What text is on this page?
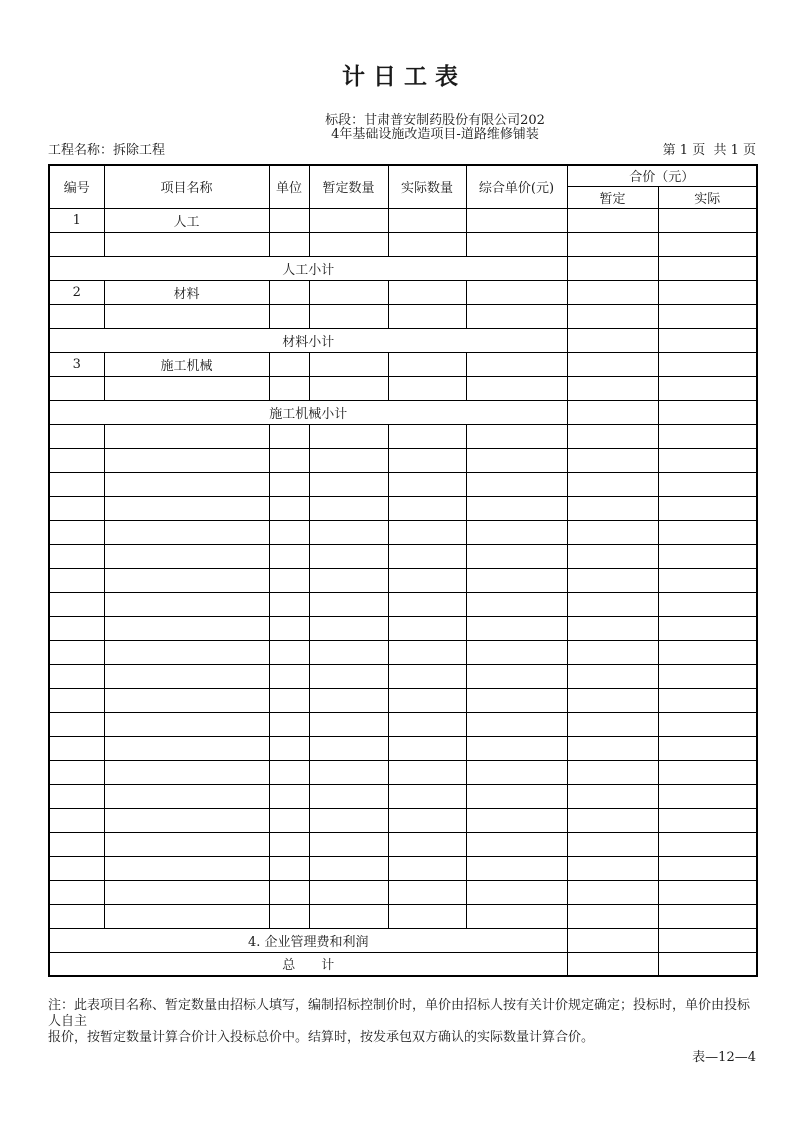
计日工表
标段：甘肃普安制药股份有限公司202
4年基础设施改造项目-道路维修铺装
工程名称：拆除工程	第 1 页  共 1 页
编号	项目名称	单位	暂定数量	实际数量	综合单价(元)	合价（元）	
						暂定	实际
1	人工						

人工小计							
2	材料						

材料小计							
3	施工机械						

施工机械小计							

4. 企业管理费和利润							
总　　计							
注：此表项目名称、暂定数量由招标人填写，编制招标控制价时，单价由招标人按有关计价规定确定；投标时，单价由投标人自主
报价，按暂定数量计算合价计入投标总价中。结算时，按发承包双方确认的实际数量计算合价。
表—12—4
